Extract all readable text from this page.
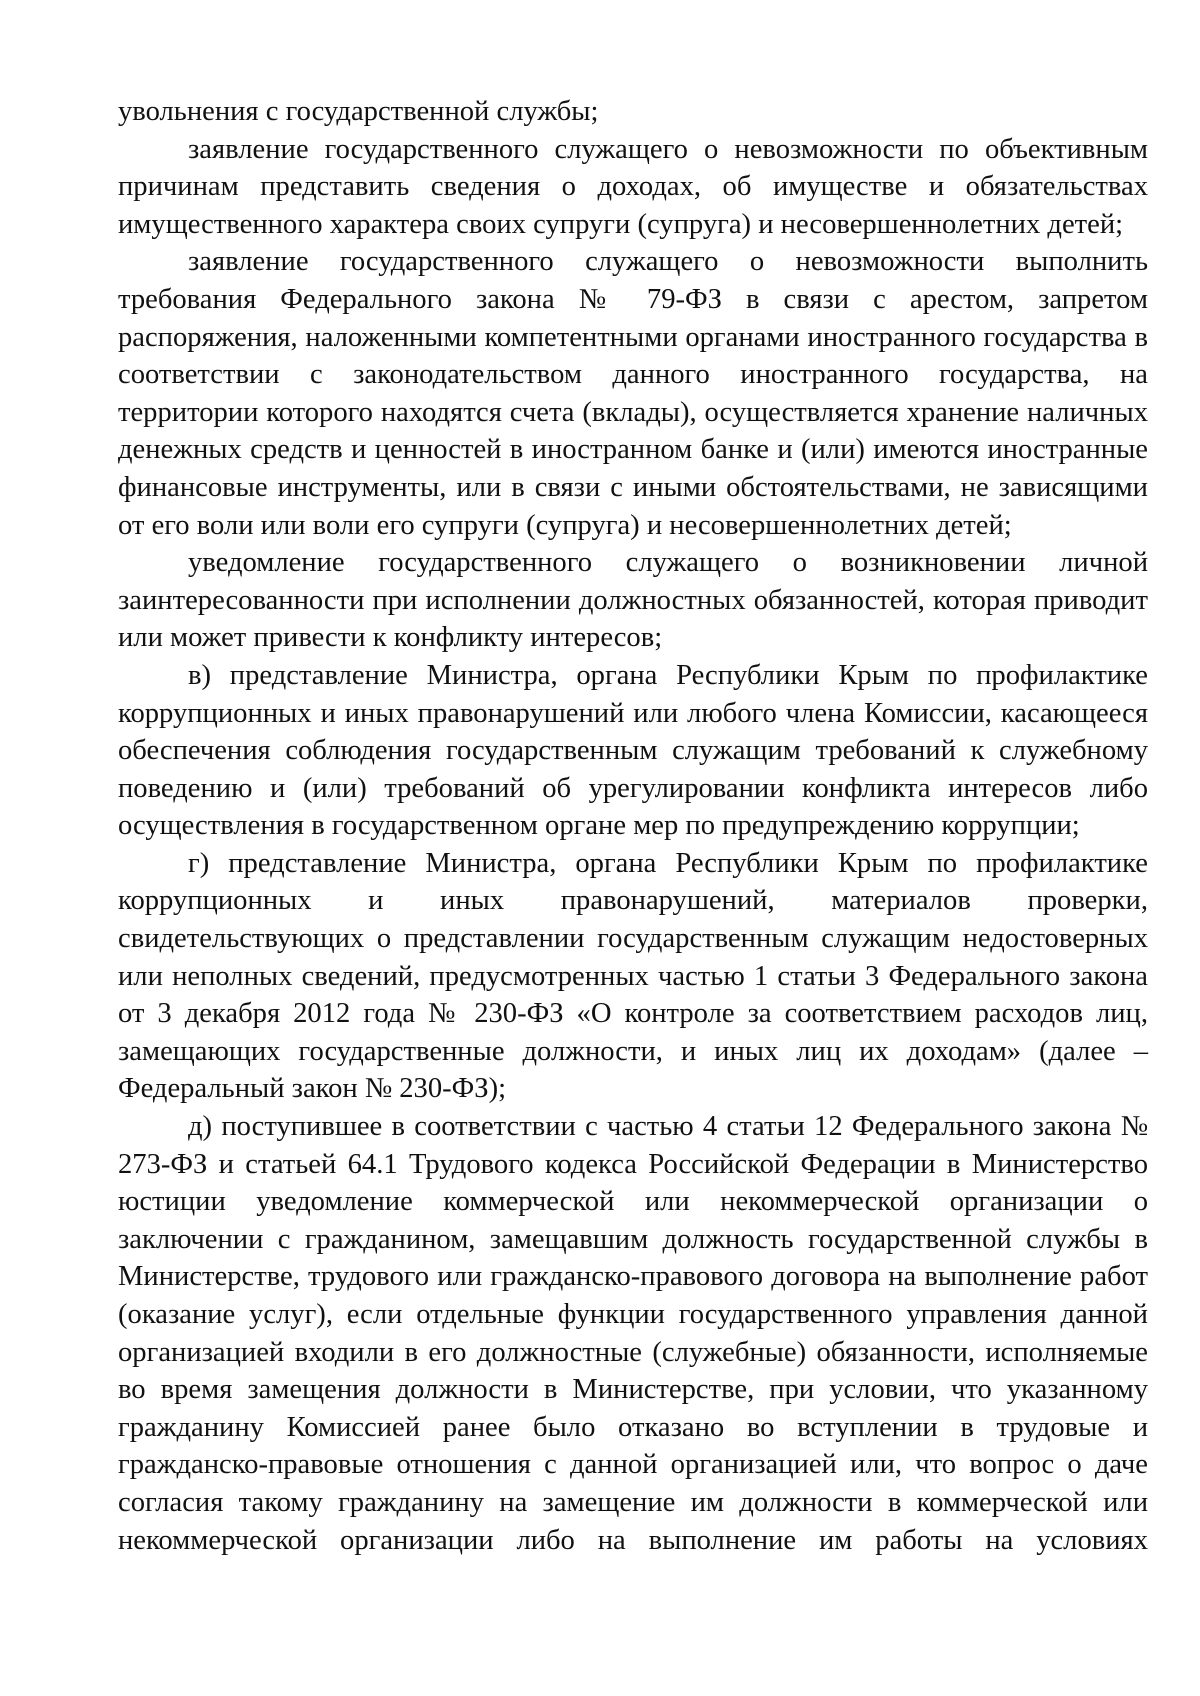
увольнения с государственной службы;

заявление государственного служащего о невозможности по объективным причинам представить сведения о доходах, об имуществе и обязательствах имущественного характера своих супруги (супруга) и несовершеннолетних детей;

заявление государственного служащего о невозможности выполнить требования Федерального закона № 79-ФЗ в связи с арестом, запретом распоряжения, наложенными компетентными органами иностранного государства в соответствии с законодательством данного иностранного государства, на территории которого находятся счета (вклады), осуществляется хранение наличных денежных средств и ценностей в иностранном банке и (или) имеются иностранные финансовые инструменты, или в связи с иными обстоятельствами, не зависящими от его воли или воли его супруги (супруга) и несовершеннолетних детей;

уведомление государственного служащего о возникновении личной заинтересованности при исполнении должностных обязанностей, которая приводит или может привести к конфликту интересов;

в) представление Министра, органа Республики Крым по профилактике коррупционных и иных правонарушений или любого члена Комиссии, касающееся обеспечения соблюдения государственным служащим требований к служебному поведению и (или) требований об урегулировании конфликта интересов либо осуществления в государственном органе мер по предупреждению коррупции;

г) представление Министра, органа Республики Крым по профилактике коррупционных и иных правонарушений, материалов проверки, свидетельствующих о представлении государственным служащим недостоверных или неполных сведений, предусмотренных частью 1 статьи 3 Федерального закона от 3 декабря 2012 года № 230-ФЗ «О контроле за соответствием расходов лиц, замещающих государственные должности, и иных лиц их доходам» (далее – Федеральный закон № 230-ФЗ);

д) поступившее в соответствии с частью 4 статьи 12 Федерального закона № 273-ФЗ и статьей 64.1 Трудового кодекса Российской Федерации в Министерство юстиции уведомление коммерческой или некоммерческой организации о заключении с гражданином, замещавшим должность государственной службы в Министерстве, трудового или гражданско-правового договора на выполнение работ (оказание услуг), если отдельные функции государственного управления данной организацией входили в его должностные (служебные) обязанности, исполняемые во время замещения должности в Министерстве, при условии, что указанному гражданину Комиссией ранее было отказано во вступлении в трудовые и гражданско-правовые отношения с данной организацией или, что вопрос о даче согласия такому гражданину на замещение им должности в коммерческой или некоммерческой организации либо на выполнение им работы на условиях
